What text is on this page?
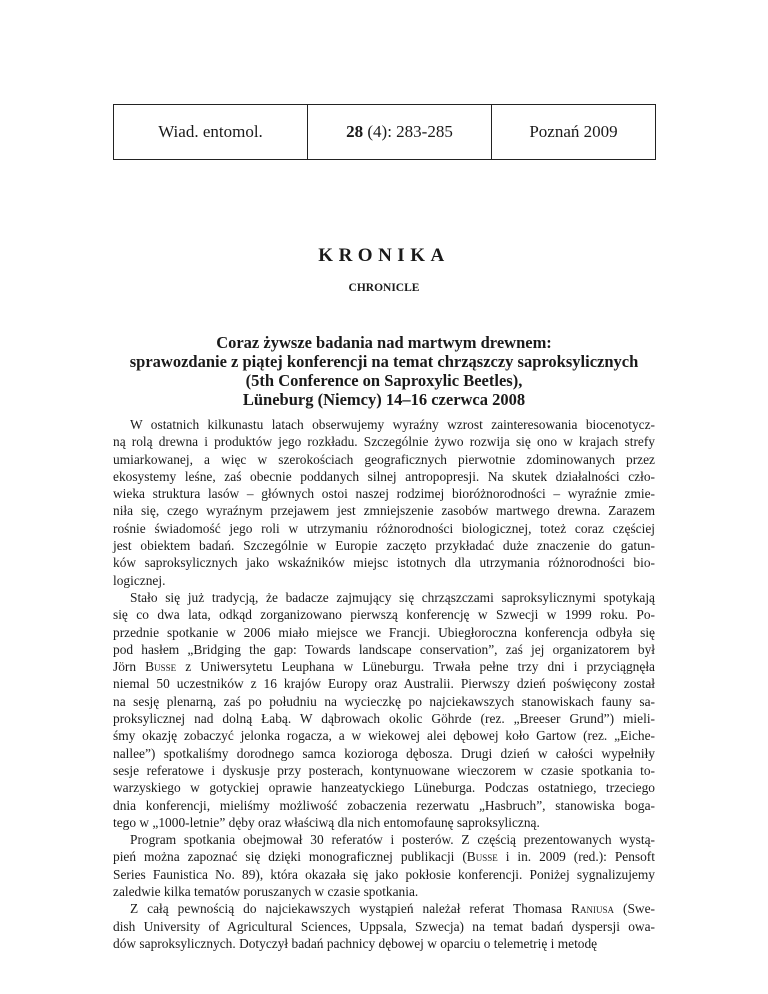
Wiad. entomol.	28 (4): 283-285	Poznań 2009
KRONIKA
CHRONICLE
Coraz żywsze badania nad martwym drewnem:
sprawozdanie z piątej konferencji na temat chrząszczy saproksylicznych
(5th Conference on Saproxylic Beetles),
Lüneburg (Niemcy) 14–16 czerwca 2008

W ostatnich kilkunastu latach obserwujemy wyraźny wzrost zainteresowania biocenotycz-
ną rolą drewna i produktów jego rozkładu. Szczególnie żywo rozwija się ono w krajach strefy
umiarkowanej, a więc w szerokościach geograficznych pierwotnie zdominowanych przez
ekosystemy leśne, zaś obecnie poddanych silnej antropopresji. Na skutek działalności czło-
wieka struktura lasów – głównych ostoi naszej rodzimej bioróżnorodności – wyraźnie zmie-
niła się, czego wyraźnym przejawem jest zmniejszenie zasobów martwego drewna. Zarazem
rośnie świadomość jego roli w utrzymaniu różnorodności biologicznej, toteż coraz częściej
jest obiektem badań. Szczególnie w Europie zaczęto przykładać duże znaczenie do gatun-
ków saproksylicznych jako wskaźników miejsc istotnych dla utrzymania różnorodności bio-
logicznej.

Stało się już tradycją, że badacze zajmujący się chrząszczami saproksylicznymi spotykają
się co dwa lata, odkąd zorganizowano pierwszą konferencję w Szwecji w 1999 roku. Po-
przednie spotkanie w 2006 miało miejsce we Francji. Ubiegłoroczna konferencja odbyła się
pod hasłem „Bridging the gap: Towards landscape conservation”, zaś jej organizatorem był
Jörn Busse z Uniwersytetu Leuphana w Lüneburgu. Trwała pełne trzy dni i przyciągnęła
niemal 50 uczestników z 16 krajów Europy oraz Australii. Pierwszy dzień poświęcony został
na sesję plenarną, zaś po południu na wycieczkę po najciekawszych stanowiskach fauny sa-
proksylicznej nad dolną Łabą. W dąbrowach okolic Göhrde (rez. „Breeser Grund”) mieli-
śmy okazję zobaczyć jelonka rogacza, a w wiekowej alei dębowej koło Gartow (rez. „Eiche-
nallee”) spotkaliśmy dorodnego samca kozioroga dębosza. Drugi dzień w całości wypełniły
sesje referatowe i dyskusje przy posterach, kontynuowane wieczorem w czasie spotkania to-
warzyskiego w gotyckiej oprawie hanzeatyckiego Lüneburga. Podczas ostatniego, trzeciego
dnia konferencji, mieliśmy możliwość zobaczenia rezerwatu „Hasbruch”, stanowiska boga-
tego w „1000-letnie” dęby oraz właściwą dla nich entomofaunę saproksyliczną.

Program spotkania obejmował 30 referatów i posterów. Z częścią prezentowanych wystą-
pień można zapoznać się dzięki monograficznej publikacji (Busse i in. 2009 (red.): Pensoft
Series Faunistica No. 89), która okazała się jako pokłosie konferencji. Poniżej sygnalizujemy
zaledwie kilka tematów poruszanych w czasie spotkania.

Z całą pewnością do najciekawszych wystąpień należał referat Thomasa Raniusa (Swe-
dish University of Agricultural Sciences, Uppsala, Szwecja) na temat badań dyspersji owa-
dów saproksylicznych. Dotyczył badań pachnicy dębowej w oparciu o telemetrię i metodę
